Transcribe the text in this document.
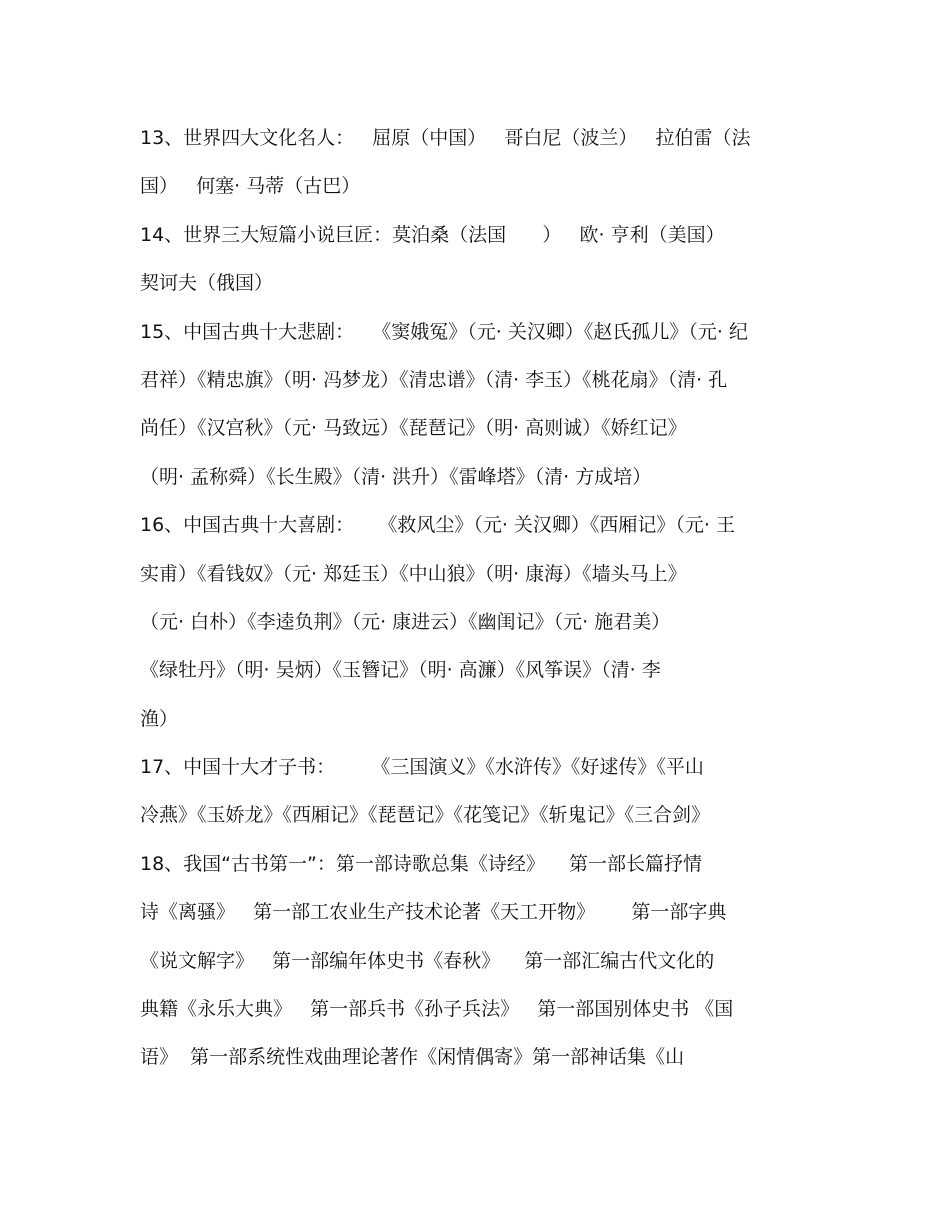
13、世界四大文化名人：   屈原（中国）   哥白尼（波兰）   拉伯雷（法
国）   何塞· 马蒂（古巴）
14、世界三大短篇小说巨匠：莫泊桑（法国      ）   欧· 亨利（美国）
契诃夫（俄国）
15、中国古典十大悲剧：   《窦娥冤》（元· 关汉卿）《赵氏孤儿》（元· 纪
君祥）《精忠旗》（明· 冯梦龙）《清忠谱》（清· 李玉）《桃花扇》（清· 孔
尚任）《汉宫秋》（元· 马致远）《琵琶记》（明· 高则诚）《娇红记》
（明· 孟称舜）《长生殿》（清· 洪升）《雷峰塔》（清· 方成培）
16、中国古典十大喜剧：    《救风尘》（元· 关汉卿）《西厢记》（元· 王
实甫）《看钱奴》（元· 郑廷玉）《中山狼》（明· 康海）《墙头马上》
（元· 白朴）《李逵负荆》（元· 康进云）《幽闺记》（元· 施君美）
《绿牡丹》（明· 吴炳）《玉簪记》（明· 高濂）《风筝误》（清· 李
渔）
17、中国十大才子书：      《三国演义》《水浒传》《好逑传》《平山
冷燕》《玉娇龙》《西厢记》《琵琶记》《花笺记》《斩鬼记》《三合剑》
18、我国“古书第一”：第一部诗歌总集《诗经》    第一部长篇抒情
诗《离骚》   第一部工农业生产技术论著《天工开物》      第一部字典
《说文解字》   第一部编年体史书《春秋》    第一部汇编古代文化的
典籍《永乐大典》   第一部兵书《孙子兵法》   第一部国别体史书 《国
语》  第一部系统性戏曲理论著作《闲情偶寄》第一部神话集《山
